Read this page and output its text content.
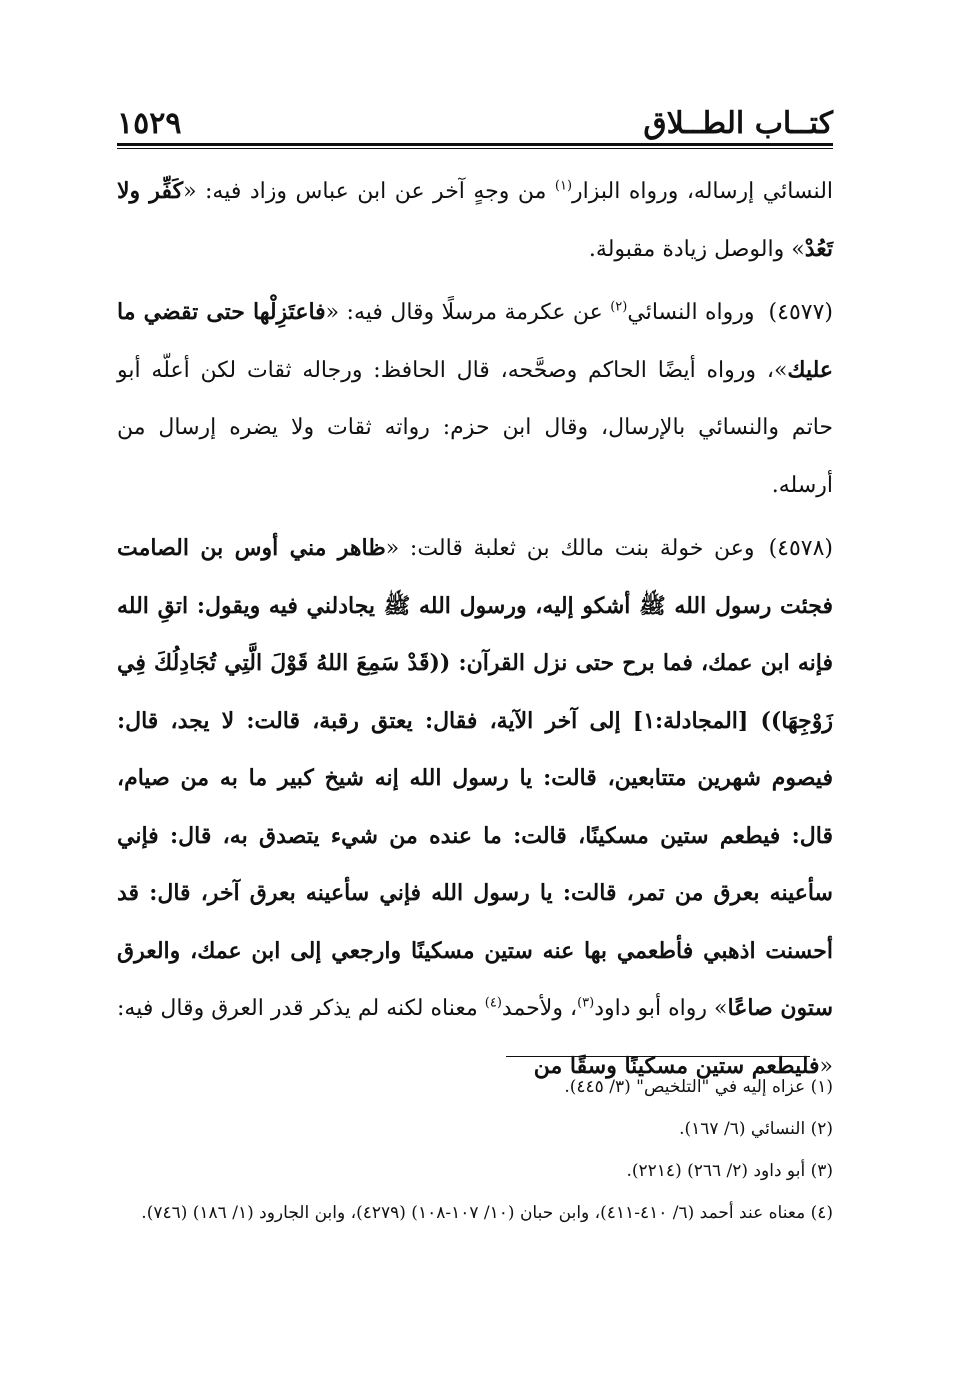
كتــاب الطــلاق
١٥٢٩

النسائي إرساله، ورواه البزار$^{(١)}$ من وجهٍ آخر عن ابن عباس وزاد فيه: «كَفِّر ولا تَعُدْ» والوصل زيادة مقبولة.

(٤٥٧٧)ورواه النسائي$^{(٢)}$ عن عكرمة مرسلًا وقال فيه: «فاعتَزِلْها حتى تقضي ما عليك»، ورواه أيضًا الحاكم وصحَّحه، قال الحافظ: ورجاله ثقات لكن أعلّه أبو حاتم والنسائي بالإرسال، وقال ابن حزم: رواته ثقات ولا يضره إرسال من أرسله.

(٤٥٧٨)وعن خولة بنت مالك بن ثعلبة قالت: «ظاهر مني أوس بن الصامت فجئت رسول الله ﷺ أشكو إليه، ورسول الله ﷺ يجادلني فيه ويقول: اتقِ الله فإنه ابن عمك، فما برح حتى نزل القرآن: ((قَدْ سَمِعَ اللهُ قَوْلَ الَّتِي تُجَادِلُكَ فِي زَوْجِهَا)) [المجادلة:١] إلى آخر الآية، فقال: يعتق رقبة، قالت: لا يجد، قال: فيصوم شهرين متتابعين، قالت: يا رسول الله إنه شيخ كبير ما به من صيام، قال: فيطعم ستين مسكينًا، قالت: ما عنده من شيء يتصدق به، قال: فإني سأعينه بعرق من تمر، قالت: يا رسول الله فإني سأعينه بعرق آخر، قال: قد أحسنت اذهبي فأطعمي بها عنه ستين مسكينًا وارجعي إلى ابن عمك، والعرق ستون صاعًا» رواه أبو داود$^{(٣)}$، ولأحمد$^{(٤)}$ معناه لكنه لم يذكر قدر العرق وقال فيه: «فليطعم ستين مسكينًا وسقًا من

(١) عزاه إليه في "التلخيص" (٣/ ٤٤٥).

(٢) النسائي (٦/ ١٦٧).

(٣) أبو داود (٢/ ٢٦٦) (٢٢١٤).

(٤) معناه عند أحمد (٦/ ٤١٠-٤١١)، وابن حبان (١٠/ ١٠٧-١٠٨) (٤٢٧٩)، وابن الجارود (١/ ١٨٦) (٧٤٦).
